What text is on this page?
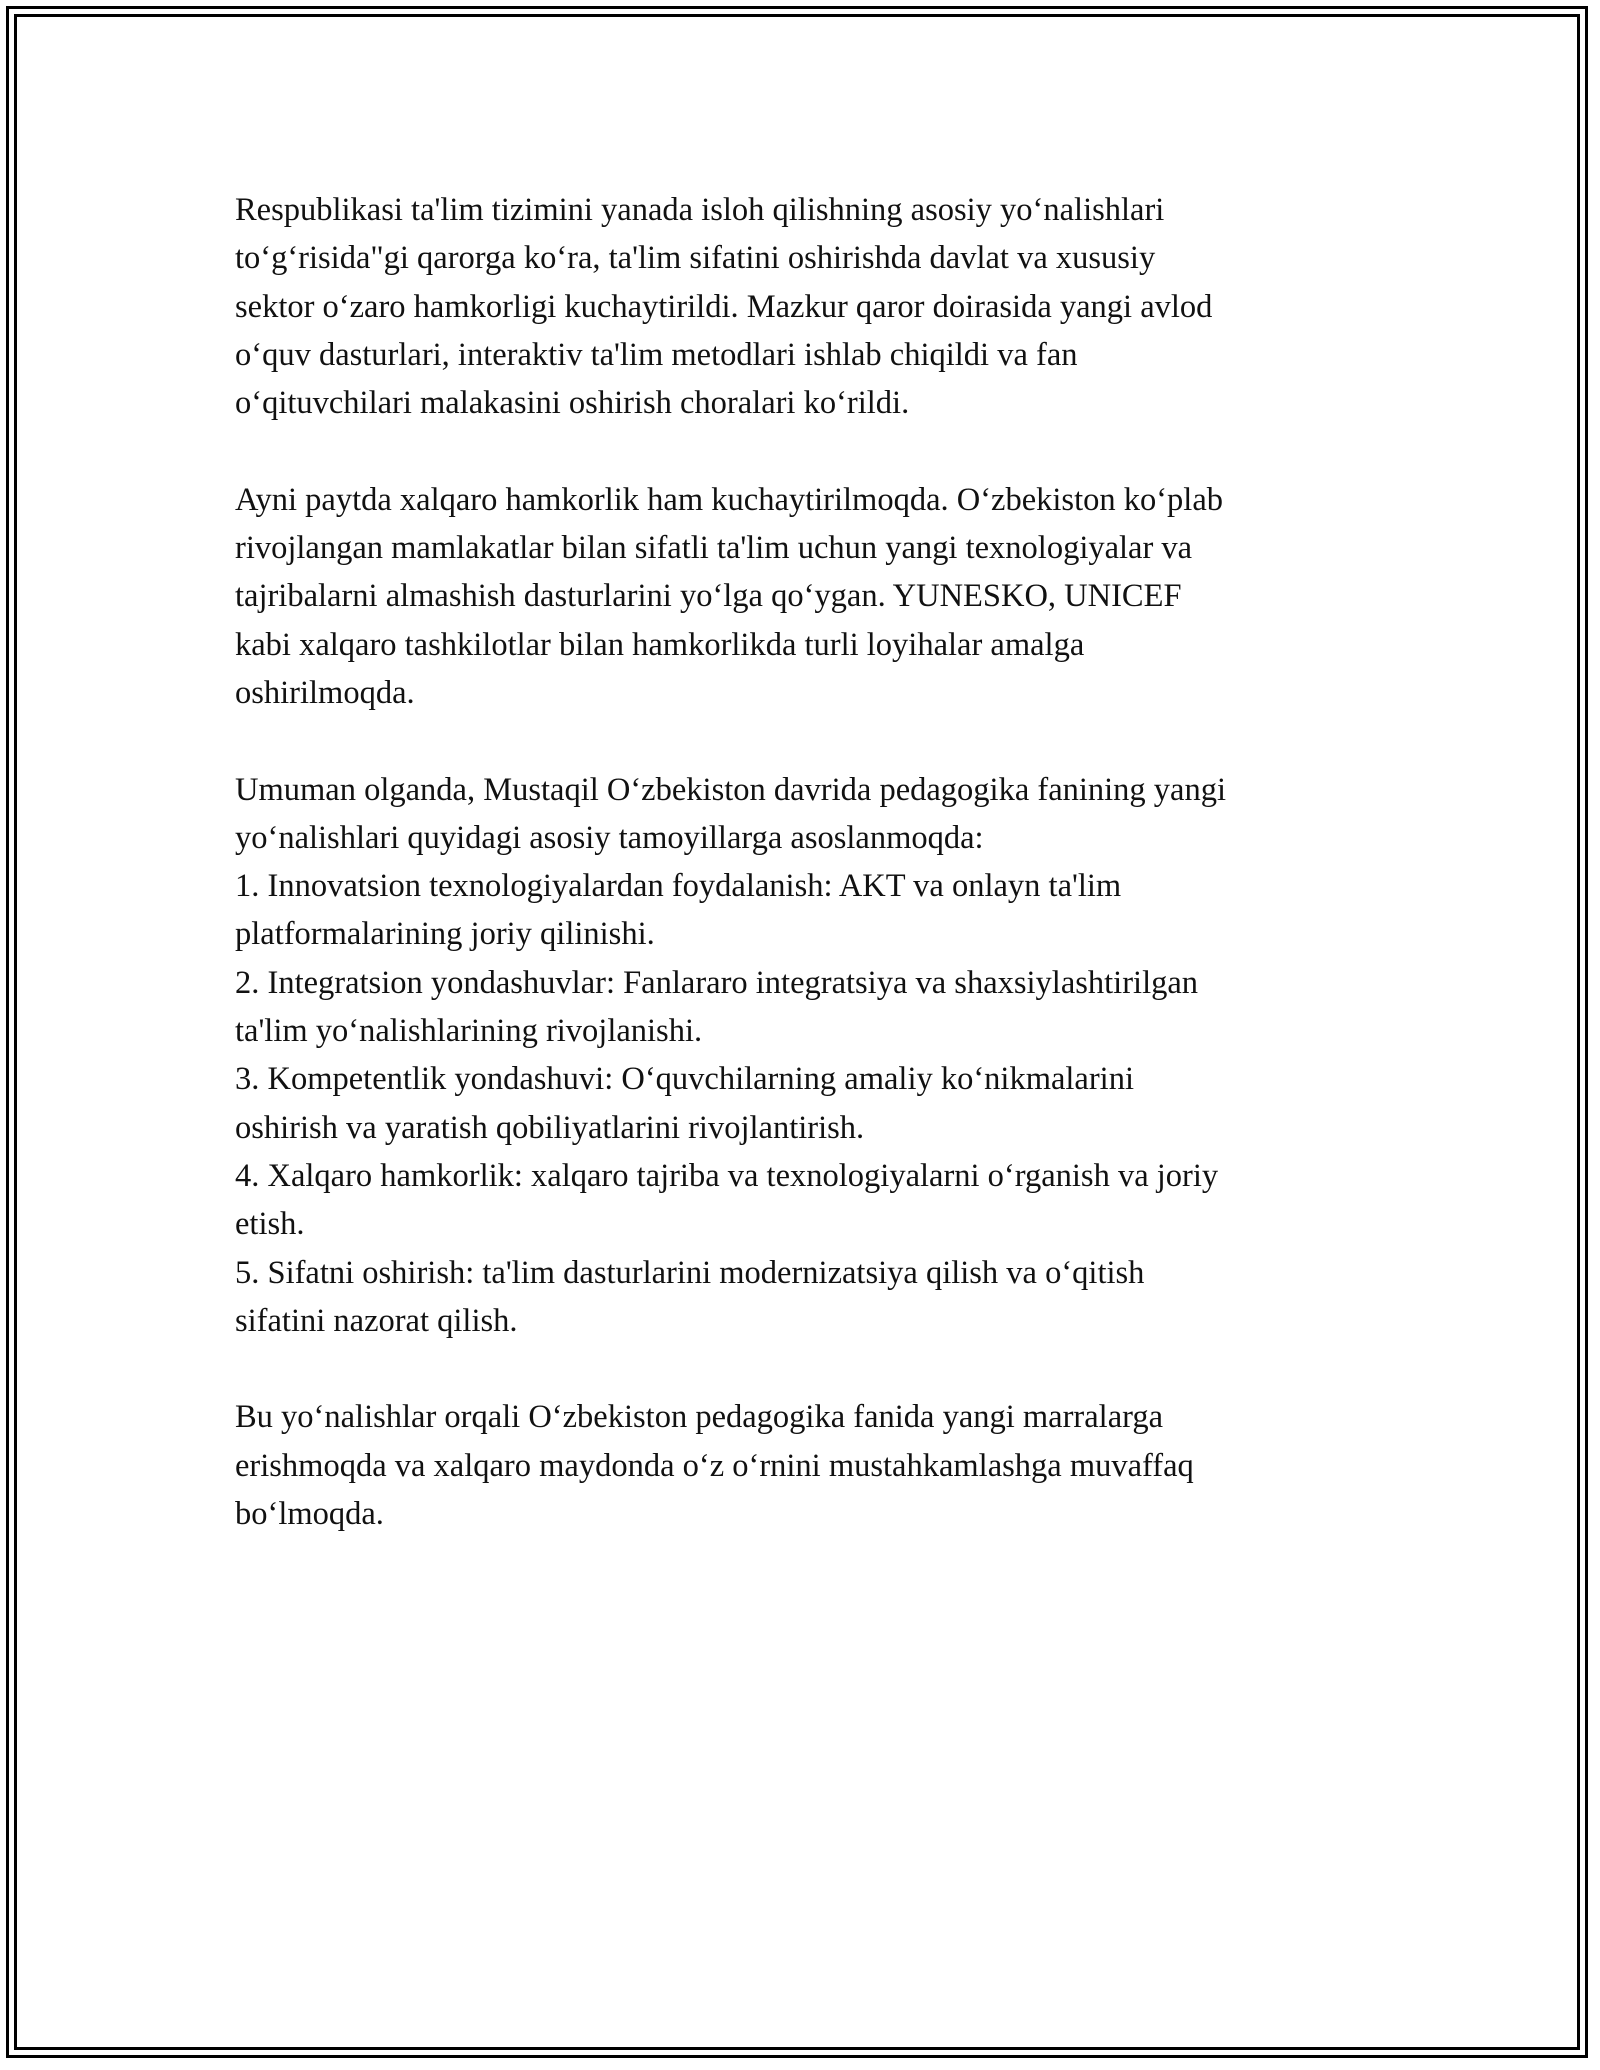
Respublikasi ta'lim tizimini yanada isloh qilishning asosiy yo‘nalishlari
to‘g‘risida"gi qarorga ko‘ra, ta'lim sifatini oshirishda davlat va xususiy
sektor o‘zaro hamkorligi kuchaytirildi. Mazkur qaror doirasida yangi avlod
o‘quv dasturlari, interaktiv ta'lim metodlari ishlab chiqildi va fan
o‘qituvchilari malakasini oshirish choralari ko‘rildi.

Ayni paytda xalqaro hamkorlik ham kuchaytirilmoqda. O‘zbekiston ko‘plab
rivojlangan mamlakatlar bilan sifatli ta'lim uchun yangi texnologiyalar va
tajribalarni almashish dasturlarini yo‘lga qo‘ygan. YUNESKO, UNICEF
kabi xalqaro tashkilotlar bilan hamkorlikda turli loyihalar amalga
oshirilmoqda.

Umuman olganda, Mustaqil O‘zbekiston davrida pedagogika fanining yangi
yo‘nalishlari quyidagi asosiy tamoyillarga asoslanmoqda:
1. Innovatsion texnologiyalardan foydalanish: AKT va onlayn ta'lim
platformalarining joriy qilinishi.
2. Integratsion yondashuvlar: Fanlararo integratsiya va shaxsiylashtirilgan
ta'lim yo‘nalishlarining rivojlanishi.
3. Kompetentlik yondashuvi: O‘quvchilarning amaliy ko‘nikmalarini
oshirish va yaratish qobiliyatlarini rivojlantirish.
4. Xalqaro hamkorlik: xalqaro tajriba va texnologiyalarni o‘rganish va joriy
etish.
5. Sifatni oshirish: ta'lim dasturlarini modernizatsiya qilish va o‘qitish
sifatini nazorat qilish.

Bu yo‘nalishlar orqali O‘zbekiston pedagogika fanida yangi marralarga
erishmoqda va xalqaro maydonda o‘z o‘rnini mustahkamlashga muvaffaq
bo‘lmoqda.
